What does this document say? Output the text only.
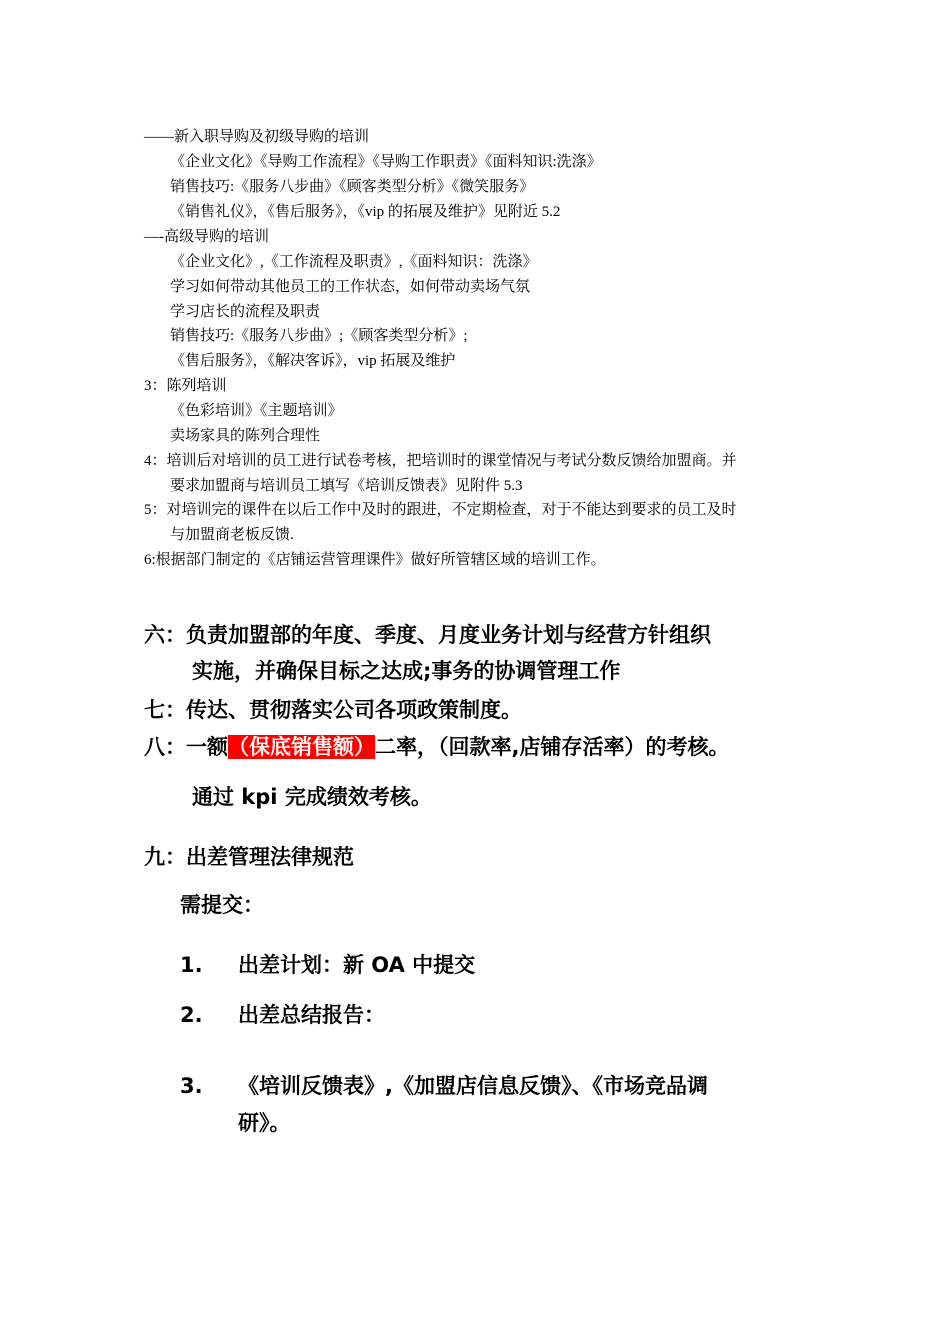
——新入职导购及初级导购的培训
《企业文化》《导购工作流程》《导购工作职责》《面料知识:洗涤》
销售技巧:《服务八步曲》《顾客类型分析》《微笑服务》
《销售礼仪》，《售后服务》，《vip 的拓展及维护》见附近 5.2
—-高级导购的培训
《企业文化》,《工作流程及职责》,《面料知识：洗涤》
学习如何带动其他员工的工作状态，如何带动卖场气氛
学习店长的流程及职责
销售技巧:《服务八步曲》;《顾客类型分析》;
《售后服务》，《解决客诉》，vip 拓展及维护
3：陈列培训
《色彩培训》《主题培训》
卖场家具的陈列合理性
4：培训后对培训的员工进行试卷考核，把培训时的课堂情况与考试分数反馈给加盟商。并
要求加盟商与培训员工填写《培训反馈表》见附件 5.3
5：对培训完的课件在以后工作中及时的跟进，不定期检查，对于不能达到要求的员工及时
与加盟商老板反馈.
6:根据部门制定的《店铺运营管理课件》做好所管辖区域的培训工作。
六：负责加盟部的年度、季度、月度业务计划与经营方针组织
实施，并确保目标之达成;事务的协调管理工作
七：传达、贯彻落实公司各项政策制度。
八：一额（保底销售额）二率，（回款率,店铺存活率）的考核。
通过 kpi 完成绩效考核。
九：出差管理法律规范
需提交：
1. 出差计划：新 OA 中提交
2. 出差总结报告：
3. 《培训反馈表》,《加盟店信息反馈》、《市场竞品调
研》。
